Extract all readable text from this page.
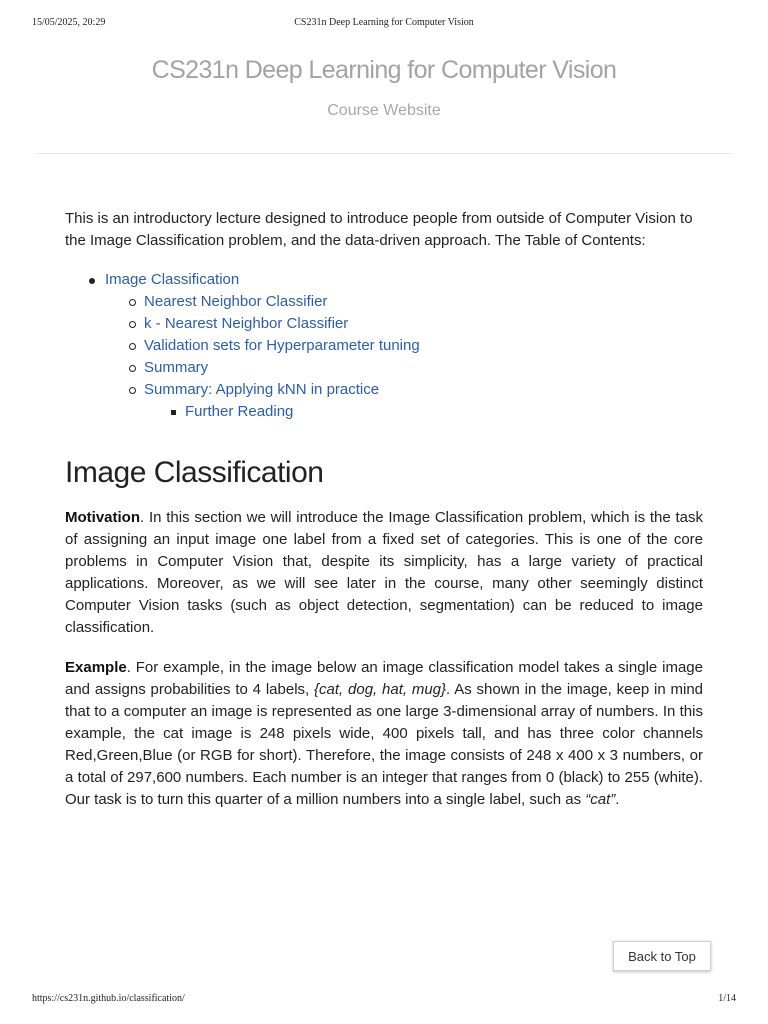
15/05/2025, 20:29	CS231n Deep Learning for Computer Vision
CS231n Deep Learning for Computer Vision
Course Website

This is an introductory lecture designed to introduce people from outside of Computer Vision to the Image Classification problem, and the data-driven approach. The Table of Contents:

Image Classification
Nearest Neighbor Classifier
k - Nearest Neighbor Classifier
Validation sets for Hyperparameter tuning
Summary
Summary: Applying kNN in practice
Further Reading
Image Classification

Motivation. In this section we will introduce the Image Classification problem, which is the task of assigning an input image one label from a fixed set of categories. This is one of the core problems in Computer Vision that, despite its simplicity, has a large variety of practical applications. Moreover, as we will see later in the course, many other seemingly distinct Computer Vision tasks (such as object detection, segmentation) can be reduced to image classification.

Example. For example, in the image below an image classification model takes a single image and assigns probabilities to 4 labels, {cat, dog, hat, mug}. As shown in the image, keep in mind that to a computer an image is represented as one large 3-dimensional array of numbers. In this example, the cat image is 248 pixels wide, 400 pixels tall, and has three color channels Red,Green,Blue (or RGB for short). Therefore, the image consists of 248 x 400 x 3 numbers, or a total of 297,600 numbers. Each number is an integer that ranges from 0 (black) to 255 (white). Our task is to turn this quarter of a million numbers into a single label, such as “cat”.

Back to Top
https://cs231n.github.io/classification/	1/14
